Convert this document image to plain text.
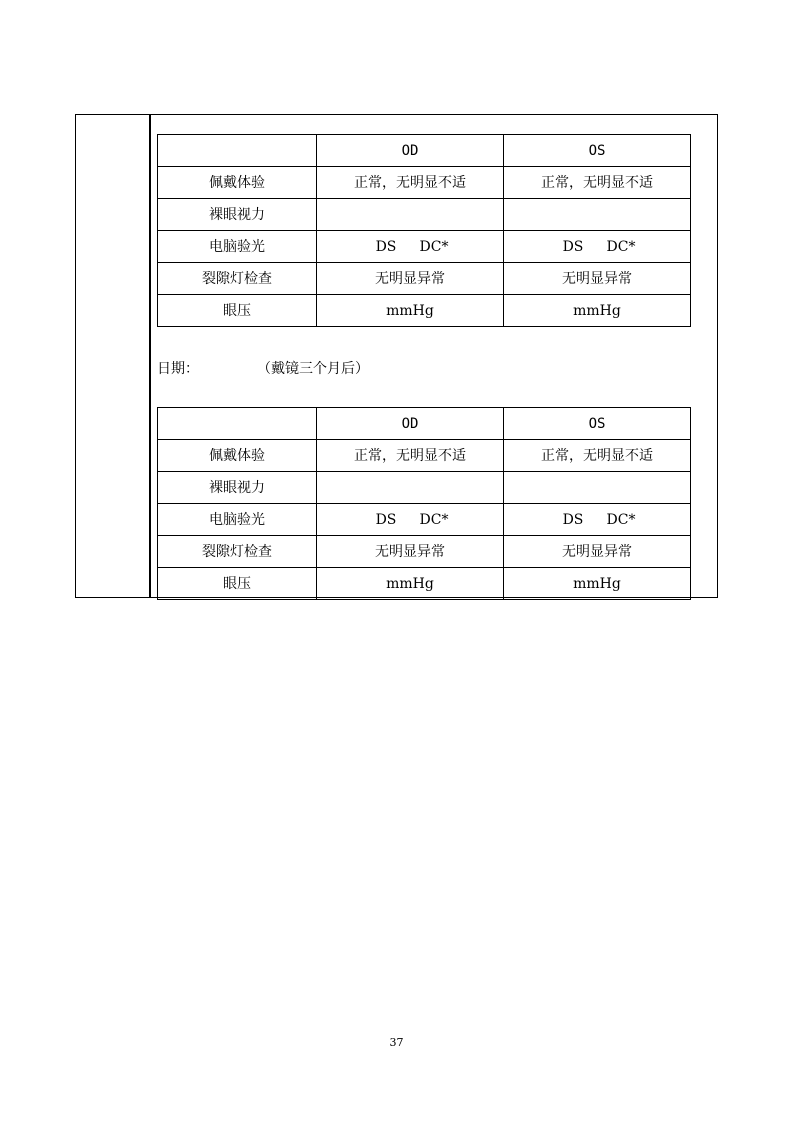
	OD	OS
佩戴体验	正常，无明显不适	正常，无明显不适
裸眼视力		
电脑验光	DS DC*	DS DC*
裂隙灯检查	无明显异常	无明显异常
眼压	mmHg	mmHg
日期：	（戴镜三个月后）
	OD	OS
佩戴体验	正常，无明显不适	正常，无明显不适
裸眼视力		
电脑验光	DS DC*	DS DC*
裂隙灯检查	无明显异常	无明显异常
眼压	mmHg	mmHg
37
